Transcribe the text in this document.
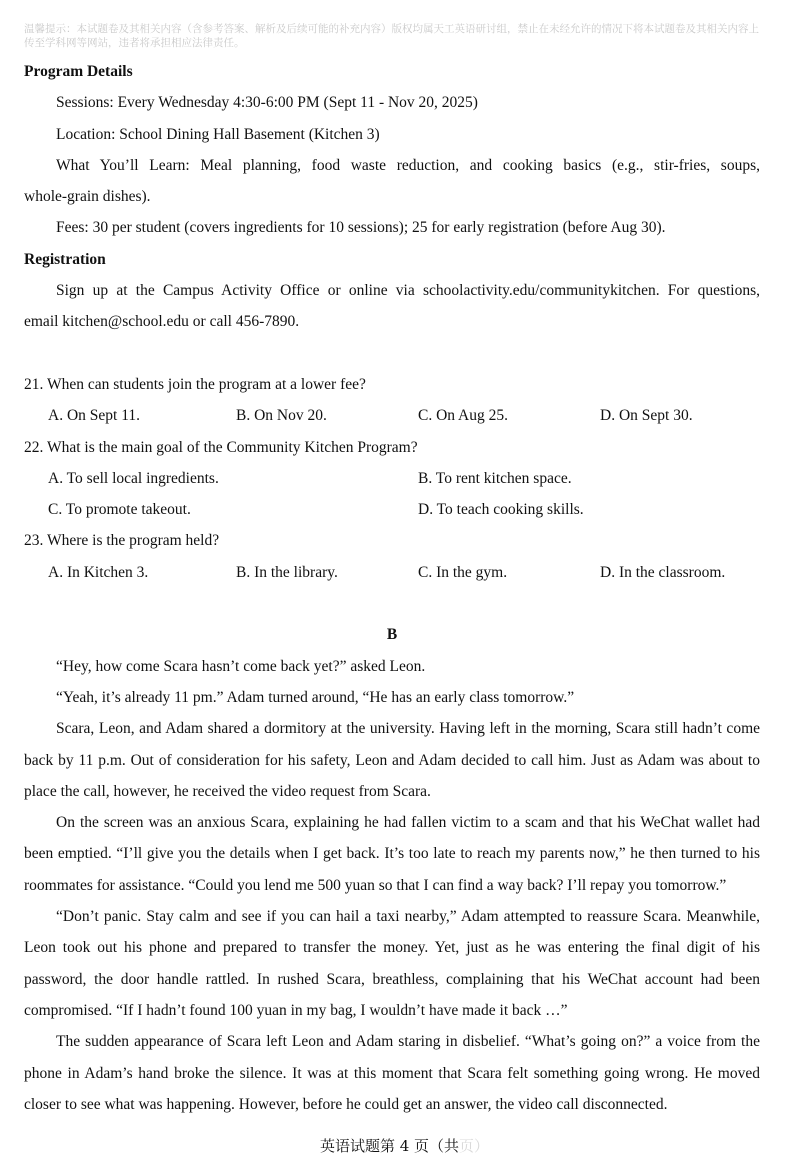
温馨提示：本试题卷及其相关内容（含参考答案、解析及后续可能的补充内容）版权均属天工英语研讨组，禁止在未经允许的情况下将本试题卷及其相关内容上传至学科网等网站，违者将承担相应法律责任。
Program Details
Sessions: Every Wednesday 4:30-6:00 PM (Sept 11 - Nov 20, 2025)
Location: School Dining Hall Basement (Kitchen 3)
What You’ll Learn: Meal planning, food waste reduction, and cooking basics (e.g., stir-fries, soups,
whole-grain dishes).
Fees: 30 per student (covers ingredients for 10 sessions); 25 for early registration (before Aug 30).
Registration
Sign up at the Campus Activity Office or online via schoolactivity.edu/communitykitchen. For questions,
email kitchen@school.edu or call 456-7890.
21. When can students join the program at a lower fee?
A. On Sept 11.	B. On Nov 20.	C. On Aug 25.	D. On Sept 30.
22. What is the main goal of the Community Kitchen Program?
A. To sell local ingredients.	B. To rent kitchen space.
C. To promote takeout.	D. To teach cooking skills.
23. Where is the program held?
A. In Kitchen 3.	B. In the library.	C. In the gym.	D. In the classroom.
B
“Hey, how come Scara hasn’t come back yet?” asked Leon.
“Yeah, it’s already 11 pm.” Adam turned around, “He has an early class tomorrow.”
Scara, Leon, and Adam shared a dormitory at the university. Having left in the morning, Scara still hadn’t come back by 11 p.m. Out of consideration for his safety, Leon and Adam decided to call him. Just as Adam was about to place the call, however, he received the video request from Scara.
On the screen was an anxious Scara, explaining he had fallen victim to a scam and that his WeChat wallet had been emptied. “I’ll give you the details when I get back. It’s too late to reach my parents now,” he then turned to his roommates for assistance. “Could you lend me 500 yuan so that I can find a way back? I’ll repay you tomorrow.”
“Don’t panic. Stay calm and see if you can hail a taxi nearby,” Adam attempted to reassure Scara. Meanwhile, Leon took out his phone and prepared to transfer the money. Yet, just as he was entering the final digit of his password, the door handle rattled. In rushed Scara, breathless, complaining that his WeChat account had been compromised. “If I hadn’t found 100 yuan in my bag, I wouldn’t have made it back …”
The sudden appearance of Scara left Leon and Adam staring in disbelief. “What’s going on?” a voice from the phone in Adam’s hand broke the silence. It was at this moment that Scara felt something going wrong. He moved closer to see what was happening. However, before he could get an answer, the video call disconnected.
英语试题第 4 页（共页）
